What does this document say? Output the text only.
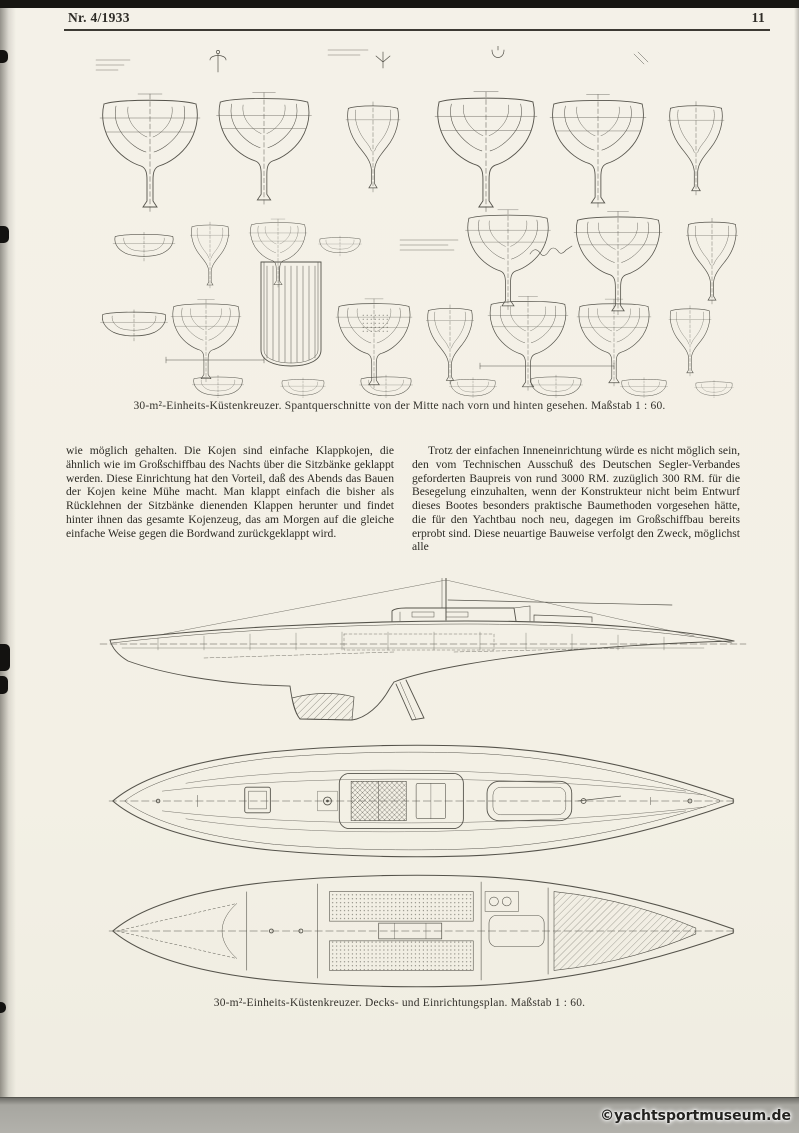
Nr. 4/1933	11

30-m²-Einheits-Küstenkreuzer. Spantquerschnitte von der Mitte nach vorn und hinten gesehen. Maßstab 1 : 60.

wie möglich gehalten. Die Kojen sind einfache Klappkojen, die ähnlich wie im Großschiffbau des Nachts über die Sitzbänke geklappt werden. Diese Einrichtung hat den Vorteil, daß des Abends das Bauen der Kojen keine Mühe macht. Man klappt einfach die bisher als Rücklehnen der Sitzbänke dienenden Klappen herunter und findet hinter ihnen das gesamte Kojenzeug, das am Morgen auf die gleiche einfache Weise gegen die Bordwand zurückgeklappt wird.

Trotz der einfachen Inneneinrichtung würde es nicht möglich sein, den vom Technischen Ausschuß des Deutschen Segler-Verbandes geforderten Baupreis von rund 3000 RM. zuzüglich 300 RM. für die Besegelung einzuhalten, wenn der Konstrukteur nicht beim Entwurf dieses Bootes besonders praktische Baumethoden vorgesehen hätte, die für den Yachtbau noch neu, dagegen im Großschiffbau bereits erprobt sind. Diese neuartige Bauweise verfolgt den Zweck, möglichst alle

30-m²-Einheits-Küstenkreuzer. Decks- und Einrichtungsplan. Maßstab 1 : 60.

©yachtsportmuseum.de
